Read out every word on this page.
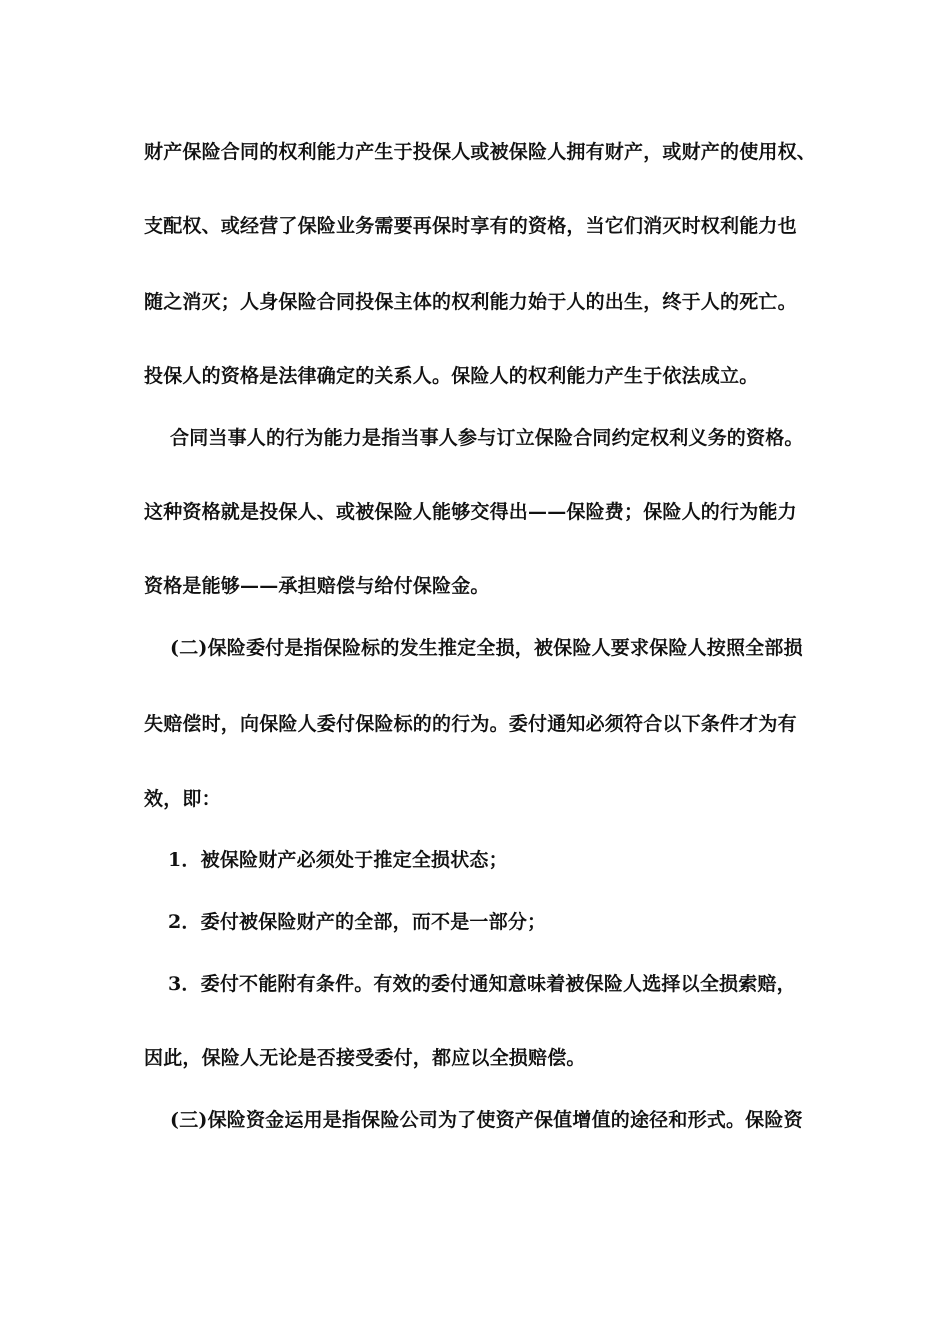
财产保险合同的权利能力产生于投保人或被保险人拥有财产，或财产的使用权、
支配权、或经营了保险业务需要再保时享有的资格，当它们消灭时权利能力也
随之消灭；人身保险合同投保主体的权利能力始于人的出生，终于人的死亡。
投保人的资格是法律确定的关系人。保险人的权利能力产生于依法成立。
合同当事人的行为能力是指当事人参与订立保险合同约定权利义务的资格。
这种资格就是投保人、或被保险人能够交得出——保险费；保险人的行为能力
资格是能够——承担赔偿与给付保险金。
(二)保险委付是指保险标的发生推定全损，被保险人要求保险人按照全部损
失赔偿时，向保险人委付保险标的的行为。委付通知必须符合以下条件才为有
效，即：
1．被保险财产必须处于推定全损状态；
2．委付被保险财产的全部，而不是一部分；
3．委付不能附有条件。有效的委付通知意味着被保险人选择以全损索赔，
因此，保险人无论是否接受委付，都应以全损赔偿。
(三)保险资金运用是指保险公司为了使资产保值增值的途径和形式。保险资
